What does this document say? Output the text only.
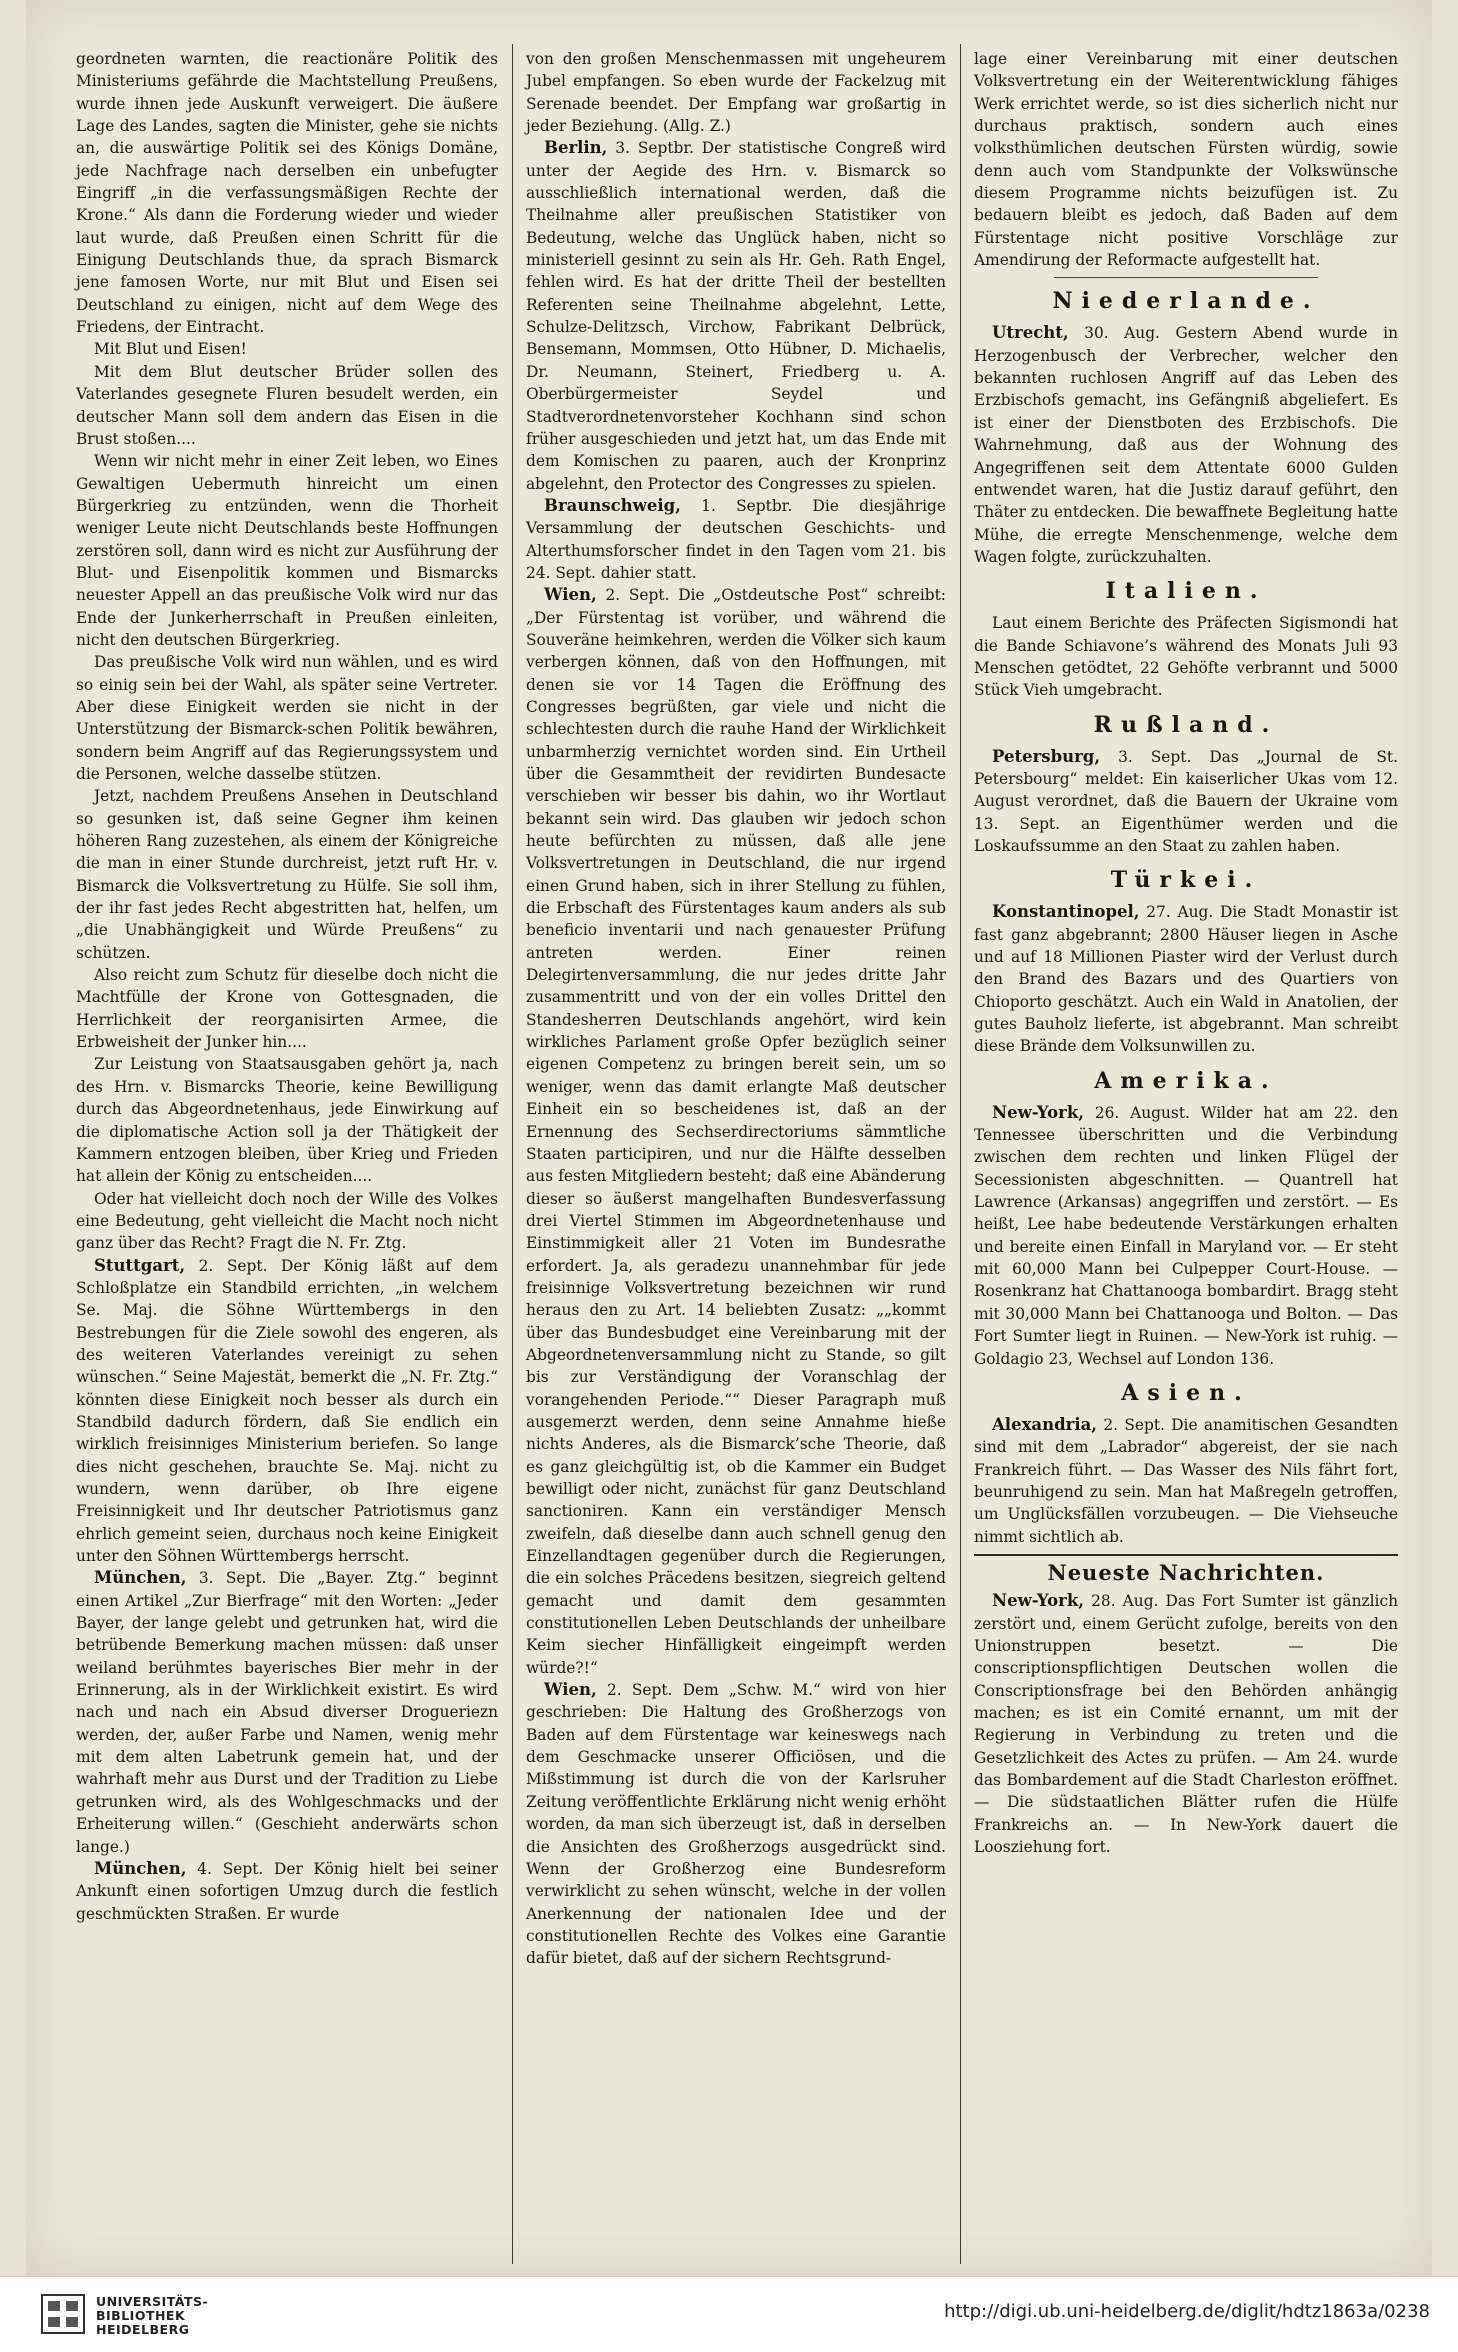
geordneten warnten, die reactionäre Politik des Ministeriums gefährde die Machtstellung Preußens, wurde ihnen jede Auskunft verweigert. Die äußere Lage des Landes, sagten die Minister, gehe sie nichts an, die auswärtige Politik sei des Königs Domäne, jede Nachfrage nach derselben ein unbefugter Eingriff „in die verfassungsmäßigen Rechte der Krone.“ Als dann die Forderung wieder und wieder laut wurde, daß Preußen einen Schritt für die Einigung Deutschlands thue, da sprach Bismarck jene famosen Worte, nur mit Blut und Eisen sei Deutschland zu einigen, nicht auf dem Wege des Friedens, der Eintracht.

Mit Blut und Eisen!

Mit dem Blut deutscher Brüder sollen des Vaterlandes gesegnete Fluren besudelt werden, ein deutscher Mann soll dem andern das Eisen in die Brust stoßen....

Wenn wir nicht mehr in einer Zeit leben, wo Eines Gewaltigen Uebermuth hinreicht um einen Bürgerkrieg zu entzünden, wenn die Thorheit weniger Leute nicht Deutschlands beste Hoffnungen zerstören soll, dann wird es nicht zur Ausführung der Blut- und Eisenpolitik kommen und Bismarcks neuester Appell an das preußische Volk wird nur das Ende der Junkerherrschaft in Preußen einleiten, nicht den deutschen Bürgerkrieg.

Das preußische Volk wird nun wählen, und es wird so einig sein bei der Wahl, als später seine Vertreter. Aber diese Einigkeit werden sie nicht in der Unterstützung der Bismarck-schen Politik bewähren, sondern beim Angriff auf das Regierungssystem und die Personen, welche dasselbe stützen.

Jetzt, nachdem Preußens Ansehen in Deutschland so gesunken ist, daß seine Gegner ihm keinen höheren Rang zuzestehen, als einem der Königreiche die man in einer Stunde durchreist, jetzt ruft Hr. v. Bismarck die Volksvertretung zu Hülfe. Sie soll ihm, der ihr fast jedes Recht abgestritten hat, helfen, um „die Unabhängigkeit und Würde Preußens“ zu schützen.

Also reicht zum Schutz für dieselbe doch nicht die Machtfülle der Krone von Gottesgnaden, die Herrlichkeit der reorganisirten Armee, die Erbweisheit der Junker hin....

Zur Leistung von Staatsausgaben gehört ja, nach des Hrn. v. Bismarcks Theorie, keine Bewilligung durch das Abgeordnetenhaus, jede Einwirkung auf die diplomatische Action soll ja der Thätigkeit der Kammern entzogen bleiben, über Krieg und Frieden hat allein der König zu entscheiden....

Oder hat vielleicht doch noch der Wille des Volkes eine Bedeutung, geht vielleicht die Macht noch nicht ganz über das Recht? Fragt die N. Fr. Ztg.

Stuttgart, 2. Sept. Der König läßt auf dem Schloßplatze ein Standbild errichten, „in welchem Se. Maj. die Söhne Württembergs in den Bestrebungen für die Ziele sowohl des engeren, als des weiteren Vaterlandes vereinigt zu sehen wünschen.“ Seine Majestät, bemerkt die „N. Fr. Ztg.“ könnten diese Einigkeit noch besser als durch ein Standbild dadurch fördern, daß Sie endlich ein wirklich freisinniges Ministerium beriefen. So lange dies nicht geschehen, brauchte Se. Maj. nicht zu wundern, wenn darüber, ob Ihre eigene Freisinnigkeit und Ihr deutscher Patriotismus ganz ehrlich gemeint seien, durchaus noch keine Einigkeit unter den Söhnen Württembergs herrscht.

München, 3. Sept. Die „Bayer. Ztg.“ beginnt einen Artikel „Zur Bierfrage“ mit den Worten: „Jeder Bayer, der lange gelebt und getrunken hat, wird die betrübende Bemerkung machen müssen: daß unser weiland berühmtes bayerisches Bier mehr in der Erinnerung, als in der Wirklichkeit existirt. Es wird nach und nach ein Absud diverser Drogueriezn werden, der, außer Farbe und Namen, wenig mehr mit dem alten Labetrunk gemein hat, und der wahrhaft mehr aus Durst und der Tradition zu Liebe getrunken wird, als des Wohlgeschmacks und der Erheiterung willen.“ (Geschieht anderwärts schon lange.)

München, 4. Sept. Der König hielt bei seiner Ankunft einen sofortigen Umzug durch die festlich geschmückten Straßen. Er wurde

von den großen Menschenmassen mit ungeheurem Jubel empfangen. So eben wurde der Fackelzug mit Serenade beendet. Der Empfang war großartig in jeder Beziehung. (Allg. Z.)

Berlin, 3. Septbr. Der statistische Congreß wird unter der Aegide des Hrn. v. Bismarck so ausschließlich international werden, daß die Theilnahme aller preußischen Statistiker von Bedeutung, welche das Unglück haben, nicht so ministeriell gesinnt zu sein als Hr. Geh. Rath Engel, fehlen wird. Es hat der dritte Theil der bestellten Referenten seine Theilnahme abgelehnt, Lette, Schulze-Delitzsch, Virchow, Fabrikant Delbrück, Bensemann, Mommsen, Otto Hübner, D. Michaelis, Dr. Neumann, Steinert, Friedberg u. A. Oberbürgermeister Seydel und Stadtverordnetenvorsteher Kochhann sind schon früher ausgeschieden und jetzt hat, um das Ende mit dem Komischen zu paaren, auch der Kronprinz abgelehnt, den Protector des Congresses zu spielen.

Braunschweig, 1. Septbr. Die diesjährige Versammlung der deutschen Geschichts- und Alterthumsforscher findet in den Tagen vom 21. bis 24. Sept. dahier statt.

Wien, 2. Sept. Die „Ostdeutsche Post“ schreibt: „Der Fürstentag ist vorüber, und während die Souveräne heimkehren, werden die Völker sich kaum verbergen können, daß von den Hoffnungen, mit denen sie vor 14 Tagen die Eröffnung des Congresses begrüßten, gar viele und nicht die schlechtesten durch die rauhe Hand der Wirklichkeit unbarmherzig vernichtet worden sind. Ein Urtheil über die Gesammtheit der revidirten Bundesacte verschieben wir besser bis dahin, wo ihr Wortlaut bekannt sein wird. Das glauben wir jedoch schon heute befürchten zu müssen, daß alle jene Volksvertretungen in Deutschland, die nur irgend einen Grund haben, sich in ihrer Stellung zu fühlen, die Erbschaft des Fürstentages kaum anders als sub beneficio inventarii und nach genauester Prüfung antreten werden. Einer reinen Delegirtenversammlung, die nur jedes dritte Jahr zusammentritt und von der ein volles Drittel den Standesherren Deutschlands angehört, wird kein wirkliches Parlament große Opfer bezüglich seiner eigenen Competenz zu bringen bereit sein, um so weniger, wenn das damit erlangte Maß deutscher Einheit ein so bescheidenes ist, daß an der Ernennung des Sechserdirectoriums sämmtliche Staaten participiren, und nur die Hälfte desselben aus festen Mitgliedern besteht; daß eine Abänderung dieser so äußerst mangelhaften Bundesverfassung drei Viertel Stimmen im Abgeordnetenhause und Einstimmigkeit aller 21 Voten im Bundesrathe erfordert. Ja, als geradezu unannehmbar für jede freisinnige Volksvertretung bezeichnen wir rund heraus den zu Art. 14 beliebten Zusatz: „„kommt über das Bundesbudget eine Vereinbarung mit der Abgeordnetenversammlung nicht zu Stande, so gilt bis zur Verständigung der Voranschlag der vorangehenden Periode.““ Dieser Paragraph muß ausgemerzt werden, denn seine Annahme hieße nichts Anderes, als die Bismarck’sche Theorie, daß es ganz gleichgültig ist, ob die Kammer ein Budget bewilligt oder nicht, zunächst für ganz Deutschland sanctioniren. Kann ein verständiger Mensch zweifeln, daß dieselbe dann auch schnell genug den Einzellandtagen gegenüber durch die Regierungen, die ein solches Präcedens besitzen, siegreich geltend gemacht und damit dem gesammten constitutionellen Leben Deutschlands der unheilbare Keim siecher Hinfälligkeit eingeimpft werden würde?!“

Wien, 2. Sept. Dem „Schw. M.“ wird von hier geschrieben: Die Haltung des Großherzogs von Baden auf dem Fürstentage war keineswegs nach dem Geschmacke unserer Officiösen, und die Mißstimmung ist durch die von der Karlsruher Zeitung veröffentlichte Erklärung nicht wenig erhöht worden, da man sich überzeugt ist, daß in derselben die Ansichten des Großherzogs ausgedrückt sind. Wenn der Großherzog eine Bundesreform verwirklicht zu sehen wünscht, welche in der vollen Anerkennung der nationalen Idee und der constitutionellen Rechte des Volkes eine Garantie dafür bietet, daß auf der sichern Rechtsgrund-

lage einer Vereinbarung mit einer deutschen Volksvertretung ein der Weiterentwicklung fähiges Werk errichtet werde, so ist dies sicherlich nicht nur durchaus praktisch, sondern auch eines volksthümlichen deutschen Fürsten würdig, sowie denn auch vom Standpunkte der Volkswünsche diesem Programme nichts beizufügen ist. Zu bedauern bleibt es jedoch, daß Baden auf dem Fürstentage nicht positive Vorschläge zur Amendirung der Reformacte aufgestellt hat.

Niederlande.

Utrecht, 30. Aug. Gestern Abend wurde in Herzogenbusch der Verbrecher, welcher den bekannten ruchlosen Angriff auf das Leben des Erzbischofs gemacht, ins Gefängniß abgeliefert. Es ist einer der Dienstboten des Erzbischofs. Die Wahrnehmung, daß aus der Wohnung des Angegriffenen seit dem Attentate 6000 Gulden entwendet waren, hat die Justiz darauf geführt, den Thäter zu entdecken. Die bewaffnete Begleitung hatte Mühe, die erregte Menschenmenge, welche dem Wagen folgte, zurückzuhalten.

Italien.

Laut einem Berichte des Präfecten Sigismondi hat die Bande Schiavone’s während des Monats Juli 93 Menschen getödtet, 22 Gehöfte verbrannt und 5000 Stück Vieh umgebracht.

Rußland.

Petersburg, 3. Sept. Das „Journal de St. Petersbourg“ meldet: Ein kaiserlicher Ukas vom 12. August verordnet, daß die Bauern der Ukraine vom 13. Sept. an Eigenthümer werden und die Loskaufssumme an den Staat zu zahlen haben.

Türkei.

Konstantinopel, 27. Aug. Die Stadt Monastir ist fast ganz abgebrannt; 2800 Häuser liegen in Asche und auf 18 Millionen Piaster wird der Verlust durch den Brand des Bazars und des Quartiers von Chioporto geschätzt. Auch ein Wald in Anatolien, der gutes Bauholz lieferte, ist abgebrannt. Man schreibt diese Brände dem Volksunwillen zu.

Amerika.

New-York, 26. August. Wilder hat am 22. den Tennessee überschritten und die Verbindung zwischen dem rechten und linken Flügel der Secessionisten abgeschnitten. — Quantrell hat Lawrence (Arkansas) angegriffen und zerstört. — Es heißt, Lee habe bedeutende Verstärkungen erhalten und bereite einen Einfall in Maryland vor. — Er steht mit 60,000 Mann bei Culpepper Court-House. — Rosenkranz hat Chattanooga bombardirt. Bragg steht mit 30,000 Mann bei Chattanooga und Bolton. — Das Fort Sumter liegt in Ruinen. — New-York ist ruhig. — Goldagio 23, Wechsel auf London 136.

Asien.

Alexandria, 2. Sept. Die anamitischen Gesandten sind mit dem „Labrador“ abgereist, der sie nach Frankreich führt. — Das Wasser des Nils fährt fort, beunruhigend zu sein. Man hat Maßregeln getroffen, um Unglücksfällen vorzubeugen. — Die Viehseuche nimmt sichtlich ab.

Neueste Nachrichten.

New-York, 28. Aug. Das Fort Sumter ist gänzlich zerstört und, einem Gerücht zufolge, bereits von den Unionstruppen besetzt. — Die conscriptionspflichtigen Deutschen wollen die Conscriptionsfrage bei den Behörden anhängig machen; es ist ein Comité ernannt, um mit der Regierung in Verbindung zu treten und die Gesetzlichkeit des Actes zu prüfen. — Am 24. wurde das Bombardement auf die Stadt Charleston eröffnet. — Die südstaatlichen Blätter rufen die Hülfe Frankreichs an. — In New-York dauert die Loosziehung fort.

UNIVERSITÄTS-
BIBLIOTHEK
HEIDELBERG
http://digi.ub.uni-heidelberg.de/diglit/hdtz1863a/0238
